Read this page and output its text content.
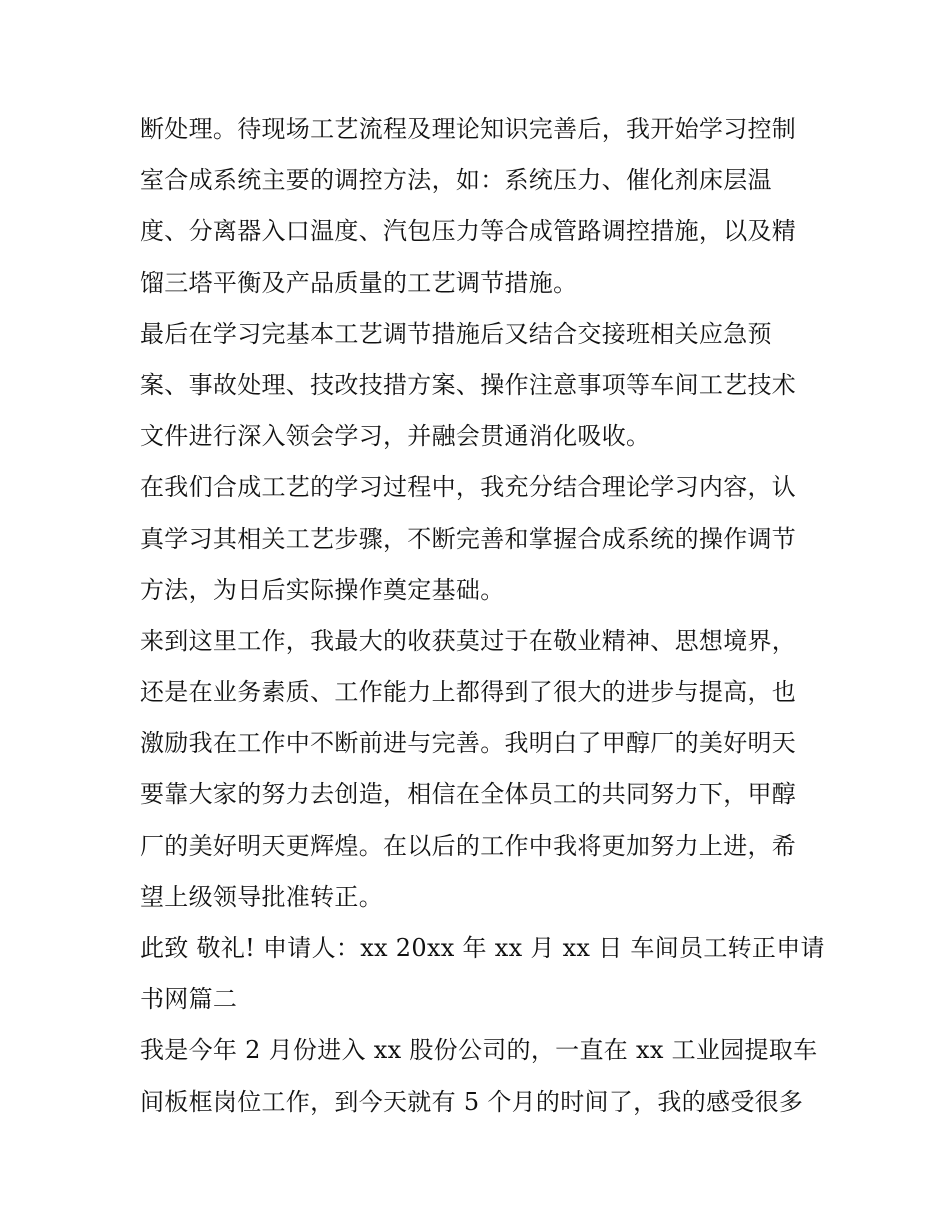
断处理。待现场工艺流程及理论知识完善后，我开始学习控制
室合成系统主要的调控方法，如：系统压力、催化剂床层温
度、分离器入口温度、汽包压力等合成管路调控措施，以及精
馏三塔平衡及产品质量的工艺调节措施。
最后在学习完基本工艺调节措施后又结合交接班相关应急预
案、事故处理、技改技措方案、操作注意事项等车间工艺技术
文件进行深入领会学习，并融会贯通消化吸收。
在我们合成工艺的学习过程中，我充分结合理论学习内容，认
真学习其相关工艺步骤，不断完善和掌握合成系统的操作调节
方法，为日后实际操作奠定基础。
来到这里工作，我最大的收获莫过于在敬业精神、思想境界，
还是在业务素质、工作能力上都得到了很大的进步与提高，也
激励我在工作中不断前进与完善。我明白了甲醇厂的美好明天
要靠大家的努力去创造，相信在全体员工的共同努力下，甲醇
厂的美好明天更辉煌。在以后的工作中我将更加努力上进，希
望上级领导批准转正。
此致 敬礼! 申请人：xx 20xx 年 xx 月 xx 日 车间员工转正申请
书网篇二
我是今年 2 月份进入 xx 股份公司的，一直在 xx 工业园提取车
间板框岗位工作，到今天就有 5 个月的时间了，我的感受很多
